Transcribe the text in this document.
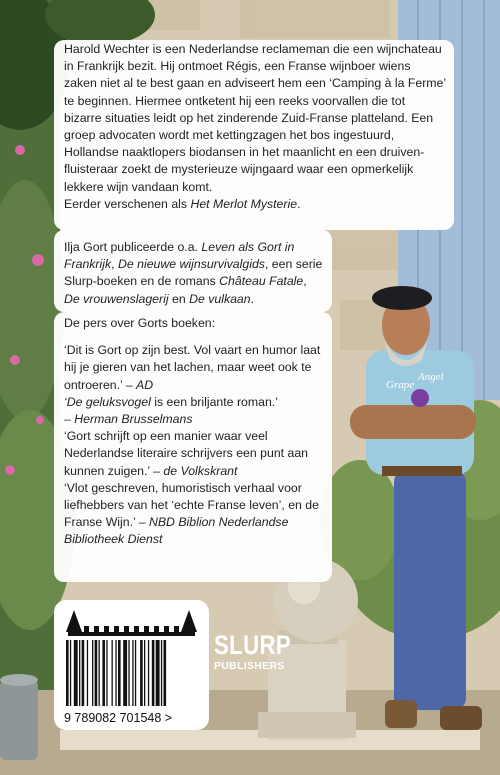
Grape
Angel

Harold Wechter is een Nederlandse reclameman die een wijnchateau in Frankrijk bezit. Hij ontmoet Régis, een Franse wijnboer wiens zaken niet al te best gaan en adviseert hem een ‘Camping à la Ferme’ te beginnen. Hiermee ontketent hij een reeks voorvallen die tot bizarre situaties leidt op het zinderende Zuid-Franse platteland. Een groep advocaten wordt met kettingzagen het bos ingestuurd, Hollandse naaktlopers biodansen in het maanlicht en een druivenfluisteraar zoekt de mysterieuze wijngaard waar een opmerkelijk lekkere wijn vandaan komt.
Eerder verschenen als Het Merlot Mysterie.

Ilja Gort publiceerde o.a. Leven als Gort in Frankrijk, De nieuwe wijnsurvivalgids, een serie Slurp-boeken en de romans Château Fatale, De vrouwenslagerij en De vulkaan.

De pers over Gorts boeken:

‘Dit is Gort op zijn best. Vol vaart en humor laat hij je gieren van het lachen, maar weet ook te ontroeren.’ – AD

‘De geluksvogel is een briljante roman.’
– Herman Brusselmans

‘Gort schrijft op een manier waar veel Nederlandse literaire schrijvers een punt aan kunnen zuigen.’ – de Volkskrant

‘Vlot geschreven, humoristisch verhaal voor liefhebbers van het ‘echte Franse leven’, en de Franse Wijn.’ – NBD Biblion Nederlandse Bibliotheek Dienst

9 789082 701548 >
SLURP
PUBLISHERS
